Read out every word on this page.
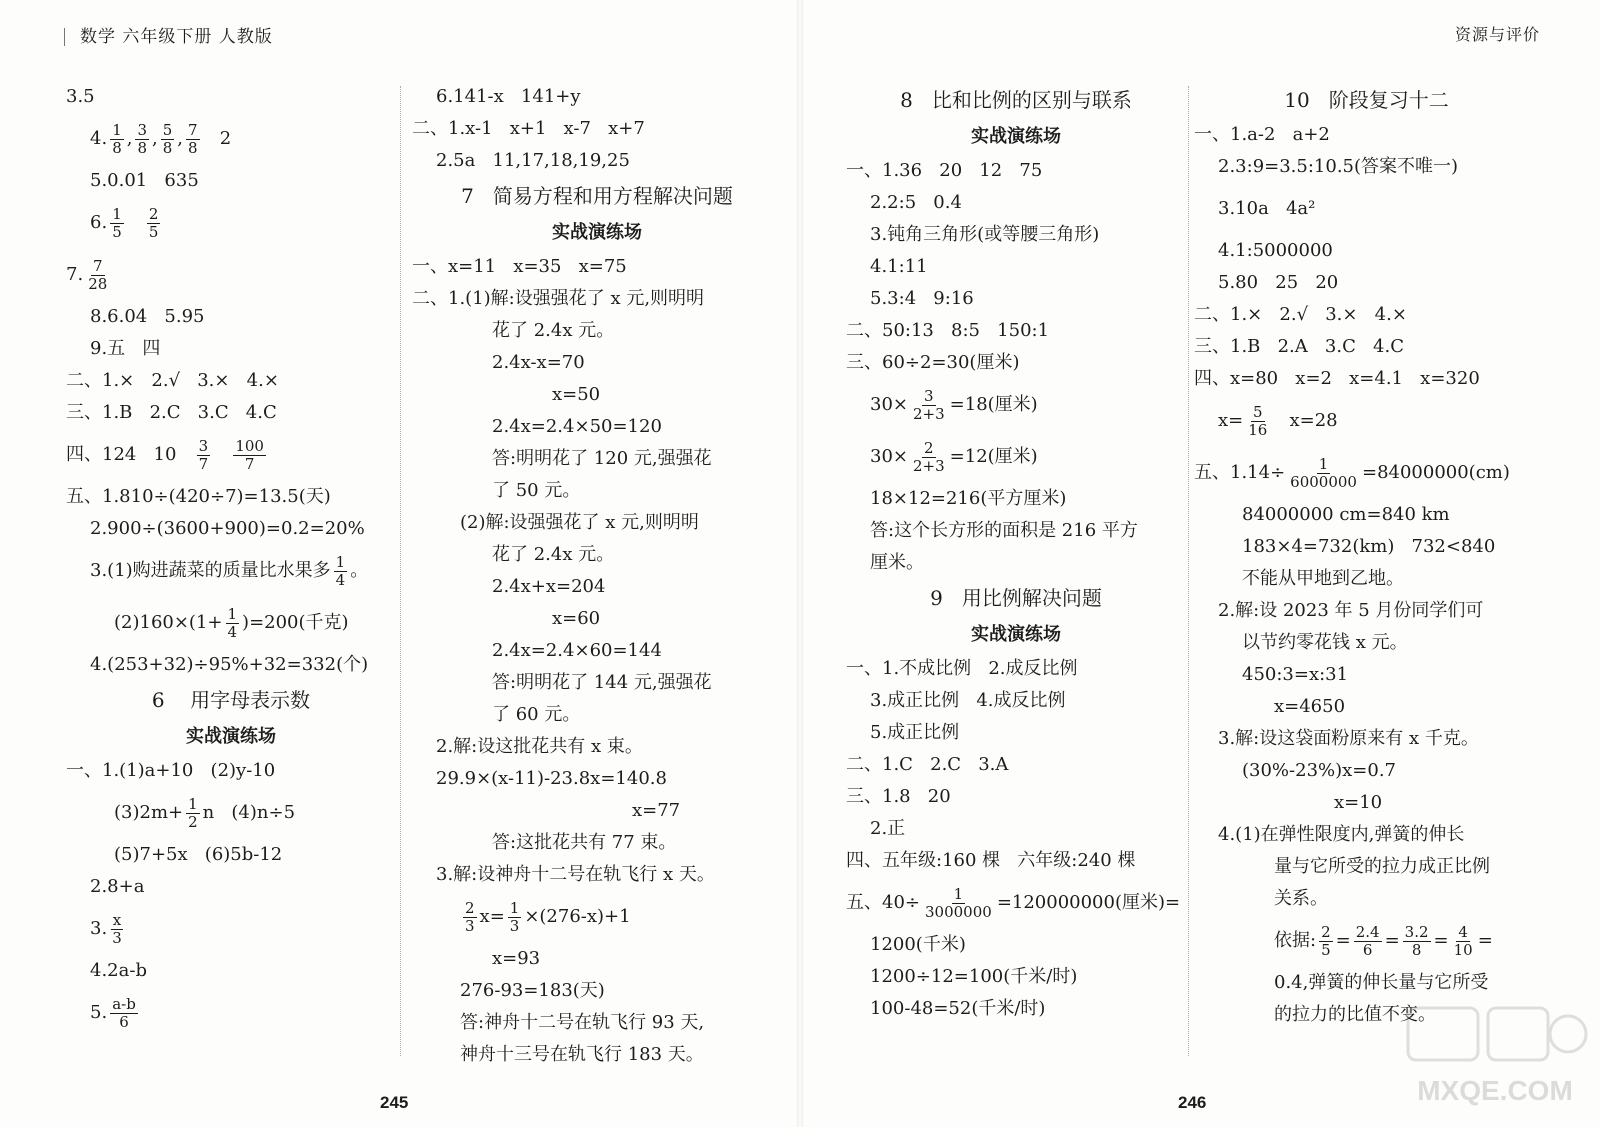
数学 六年级下册 人教版	资源与评价
3.5
4. $\frac{1}{8}$ , $\frac{3}{8}$ , $\frac{5}{8}$ , $\frac{7}{8} 2$
5.0.01   635
6. $\frac{1}{5}$
$\frac{2}{5}$
7. $\frac{7}{28}$
8.6.04   5.95
9.五   四
二、1.×   2.√   3.×   4.×
三、1.B   2.C   3.C   4.C
四、124   $10 \frac{3}{7}$
$\frac{100}{7}$
五、1.810÷(420÷7)=13.5(天)
2.900÷(3600+900)=0.2=20%
3.(1)购进蔬菜的质量比水果多 $\frac{1}{4}$ 。
$(2)160\times(1+ \frac{1}{4} )=200$(千克)
4.(253+32)÷95%+32=332(个)
6    用字母表示数
实战演练场
一、1.(1)a+10   (2)y-10
$(3)2m+ \frac{1}{2}$ n   (4)n÷5
(5)7+5x   (6)5b-12
2.8+a
3. $\frac{x}{3}$
4.2a-b
5. $\frac{a-b}{6}$
6.141-x   141+y
二、1.x-1   x+1   x-7   x+7
2.5a   11,17,18,19,25
7   简易方程和用方程解决问题
实战演练场
一、x=11   x=35   x=75
二、1.(1)解:设强强花了 x 元,则明明
花了 2.4x 元。
2.4x-x=70
x=50
2.4x=2.4×50=120
答:明明花了 120 元,强强花
了 50 元。
(2)解:设强强花了 x 元,则明明
花了 2.4x 元。
2.4x+x=204
x=60
2.4x=2.4×60=144
答:明明花了 144 元,强强花
了 60 元。
2.解:设这批花共有 x 束。
29.9×(x-11)-23.8x=140.8
x=77
答:这批花共有 77 束。
3.解:设神舟十二号在轨飞行 x 天。
$\frac{2}{3} x= \frac{1}{3} \times(276-x)+1$
x=93
276-93=183(天)
答:神舟十二号在轨飞行 93 天,
神舟十三号在轨飞行 183 天。
8   比和比例的区别与联系
实战演练场
一、1.36   20   12   75
2.2:5   0.4
3.钝角三角形(或等腰三角形)
4.1:11
5.3:4   9:16
二、50:13   8:5   150:1
三、60÷2=30(厘米)
$30\times \frac{3}{2+3} =18$(厘米)
$30\times \frac{2}{2+3} =12$(厘米)
18×12=216(平方厘米)
答:这个长方形的面积是 216 平方
厘米。
9   用比例解决问题
实战演练场
一、1.不成比例   2.成反比例
3.成正比例   4.成反比例
5.成正比例
二、1.C   2.C   3.A
三、1.8   20
2.正
四、五年级:160 棵   六年级:240 棵
五、$40\div \frac{1}{3000000} =120000000$(厘米)=
1200(千米)
1200÷12=100(千米/时)
100-48=52(千米/时)
10   阶段复习十二
一、1.a-2   a+2
2.3:9=3.5:10.5(答案不唯一)
3.10a   4a²
4.1:5000000
5.80   25   20
二、1.×   2.√   3.×   4.×
三、1.B   2.A   3.C   4.C
四、x=80   x=2   x=4.1   x=320
$x= \frac{5}{16} x=28$
五、$1.14\div \frac{1}{6000000} =84000000(cm)$
84000000 cm=840 km
183×4=732(km)   732<840
不能从甲地到乙地。
2.解:设 2023 年 5 月份同学们可
以节约零花钱 x 元。
450:3=x:31
x=4650
3.解:设这袋面粉原来有 x 千克。
(30%-23%)x=0.7
x=10
4.(1)在弹性限度内,弹簧的伸长
量与它所受的拉力成正比例
关系。
依据: $\frac{2}{5} = \frac{2.4}{6} = \frac{3.2}{8} = \frac{4}{10}$ =
0.4,弹簧的伸长量与它所受
的拉力的比值不变。
245	246	MXQE.COM
